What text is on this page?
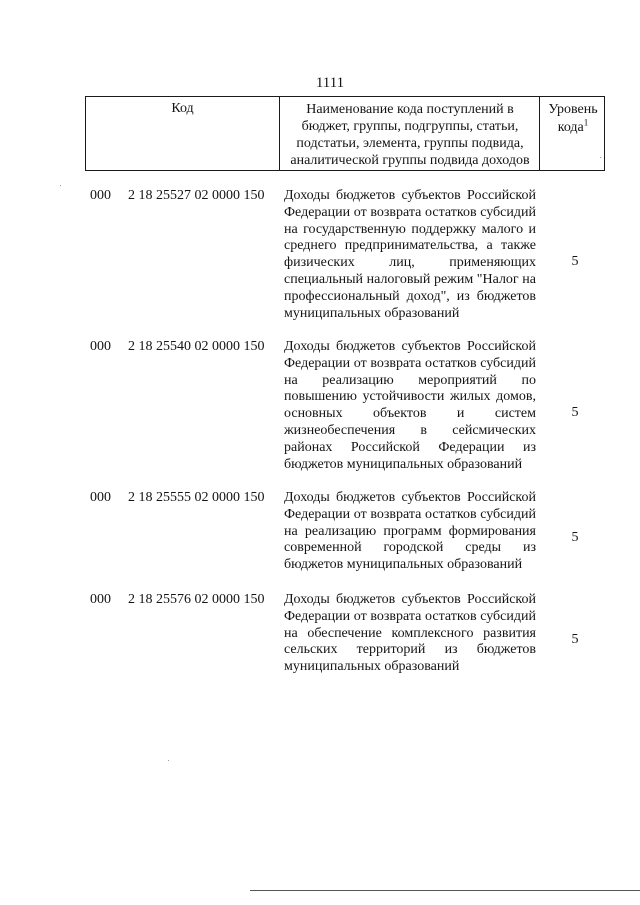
1111
Код	Наименование кода поступлений в
бюджет, группы, подгруппы, статьи,
подстатьи, элемента, группы подвида,
аналитической группы подвида доходов
Уровень
кода$^1$
000 2 18 25527 02 0000 150 Доходы бюджетов субъектов Российской Федерации от возврата остатков субсидий на государственную поддержку малого и среднего предпринимательства, а также физических лиц, применяющих специальный налоговый режим "Налог на профессиональный доход", из бюджетов муниципальных образований
5
000 2 18 25540 02 0000 150 Доходы бюджетов субъектов Российской Федерации от возврата остатков субсидий на реализацию мероприятий по повышению устойчивости жилых домов, основных объектов и систем жизнеобеспечения в сейсмических районах Российской Федерации из бюджетов муниципальных образований
5
000 2 18 25555 02 0000 150 Доходы бюджетов субъектов Российской Федерации от возврата остатков субсидий на реализацию программ формирования современной городской среды из бюджетов муниципальных образований
5
000 2 18 25576 02 0000 150 Доходы бюджетов субъектов Российской Федерации от возврата остатков субсидий на обеспечение комплексного развития сельских территорий из бюджетов муниципальных образований
5
